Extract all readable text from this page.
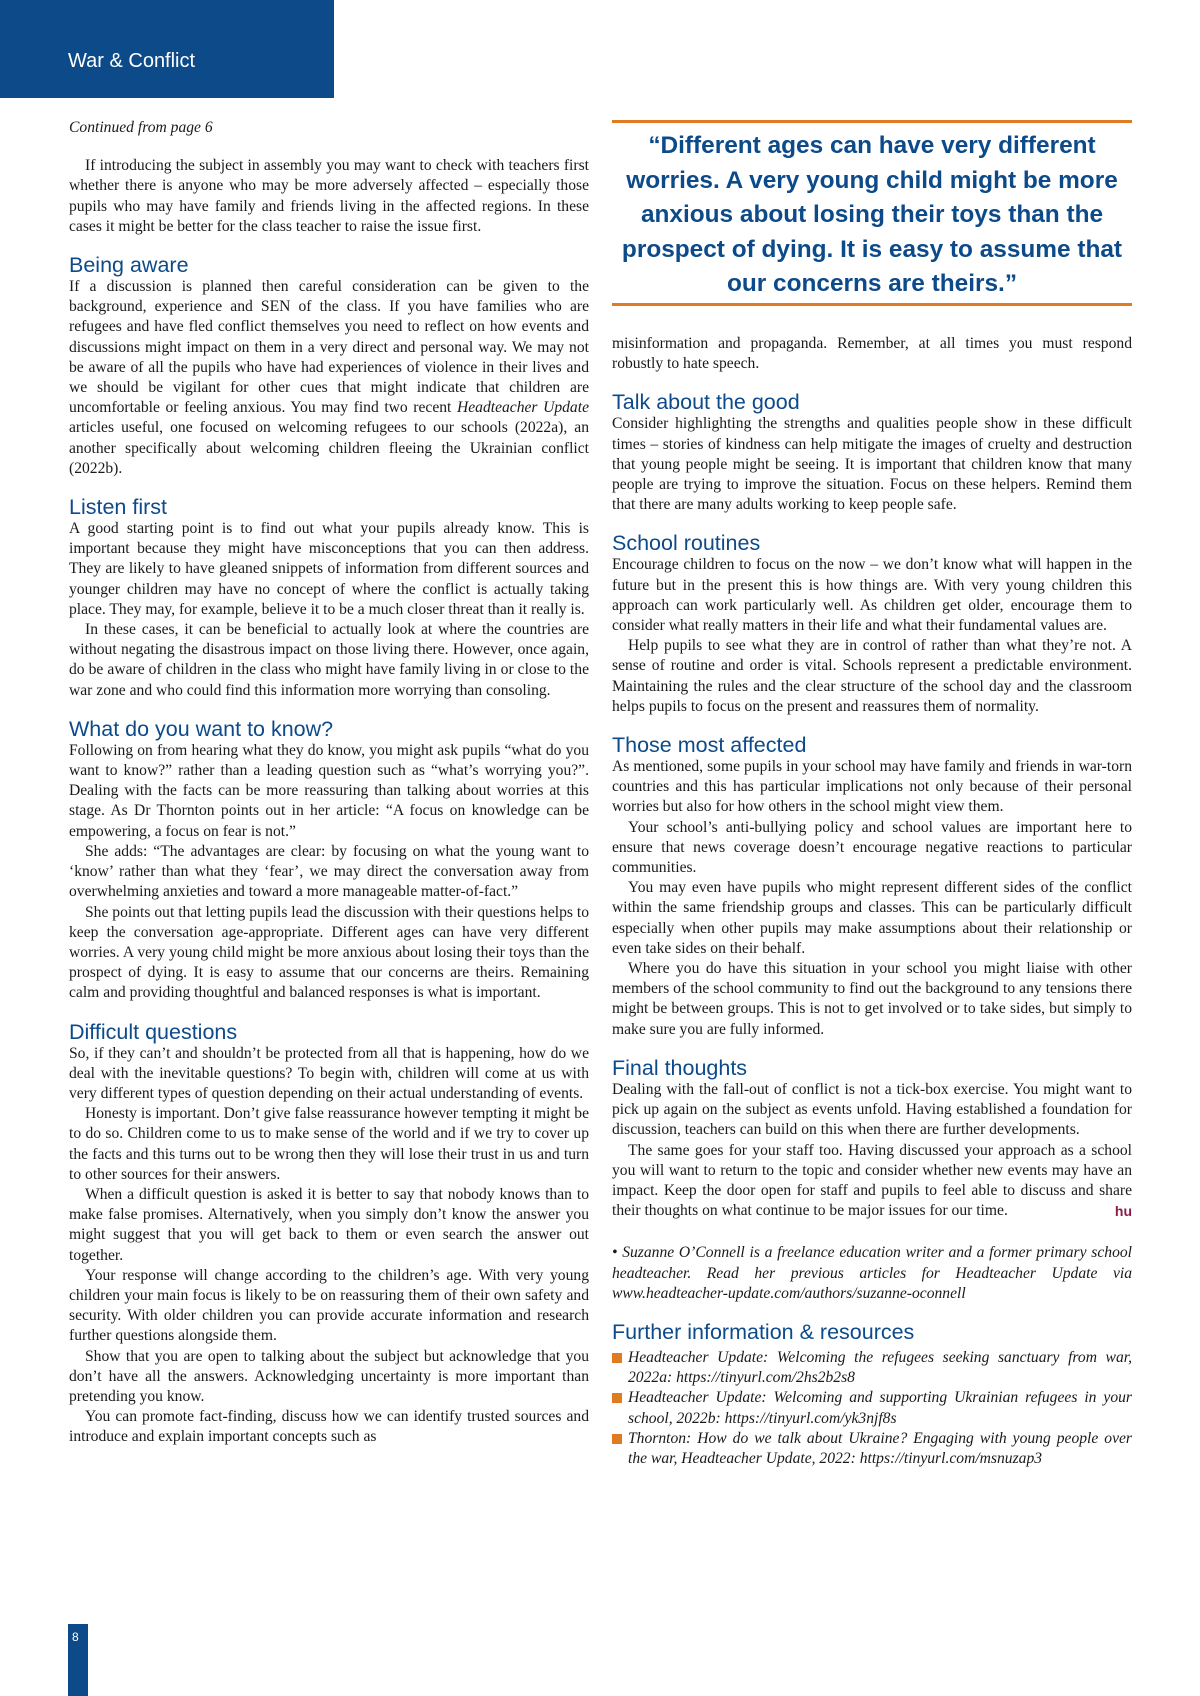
War & Conflict

Continued from page 6

If introducing the subject in assembly you may want to check with teachers first whether there is anyone who may be more adversely affected – especially those pupils who may have family and friends living in the affected regions. In these cases it might be better for the class teacher to raise the issue first.

Being aware

If a discussion is planned then careful consideration can be given to the background, experience and SEN of the class. If you have families who are refugees and have fled conflict themselves you need to reflect on how events and discussions might impact on them in a very direct and personal way. We may not be aware of all the pupils who have had experiences of violence in their lives and we should be vigilant for other cues that might indicate that children are uncomfortable or feeling anxious. You may find two recent Headteacher Update articles useful, one focused on welcoming refugees to our schools (2022a), an another specifically about welcoming children fleeing the Ukrainian conflict (2022b).

Listen first

A good starting point is to find out what your pupils already know. This is important because they might have misconceptions that you can then address. They are likely to have gleaned snippets of information from different sources and younger children may have no concept of where the conflict is actually taking place. They may, for example, believe it to be a much closer threat than it really is.

In these cases, it can be beneficial to actually look at where the countries are without negating the disastrous impact on those living there. However, once again, do be aware of children in the class who might have family living in or close to the war zone and who could find this information more worrying than consoling.

What do you want to know?

Following on from hearing what they do know, you might ask pupils “what do you want to know?” rather than a leading question such as “what’s worrying you?”. Dealing with the facts can be more reassuring than talking about worries at this stage. As Dr Thornton points out in her article: “A focus on knowledge can be empowering, a focus on fear is not.”

She adds: “The advantages are clear: by focusing on what the young want to ‘know’ rather than what they ‘fear’, we may direct the conversation away from overwhelming anxieties and toward a more manageable matter-of-fact.”

She points out that letting pupils lead the discussion with their questions helps to keep the conversation age-appropriate. Different ages can have very different worries. A very young child might be more anxious about losing their toys than the prospect of dying. It is easy to assume that our concerns are theirs. Remaining calm and providing thoughtful and balanced responses is what is important.

Difficult questions

So, if they can’t and shouldn’t be protected from all that is happening, how do we deal with the inevitable questions? To begin with, children will come at us with very different types of question depending on their actual understanding of events.

Honesty is important. Don’t give false reassurance however tempting it might be to do so. Children come to us to make sense of the world and if we try to cover up the facts and this turns out to be wrong then they will lose their trust in us and turn to other sources for their answers.

When a difficult question is asked it is better to say that nobody knows than to make false promises. Alternatively, when you simply don’t know the answer you might suggest that you will get back to them or even search the answer out together.

Your response will change according to the children’s age. With very young children your main focus is likely to be on reassuring them of their own safety and security. With older children you can provide accurate information and research further questions alongside them.

Show that you are open to talking about the subject but acknowledge that you don’t have all the answers. Acknowledging uncertainty is more important than pretending you know.

You can promote fact-finding, discuss how we can identify trusted sources and introduce and explain important concepts such as

“Different ages can have very different worries. A very young child might be more anxious about losing their toys than the prospect of dying. It is easy to assume that our concerns are theirs.”

misinformation and propaganda. Remember, at all times you must respond robustly to hate speech.

Talk about the good

Consider highlighting the strengths and qualities people show in these difficult times – stories of kindness can help mitigate the images of cruelty and destruction that young people might be seeing. It is important that children know that many people are trying to improve the situation. Focus on these helpers. Remind them that there are many adults working to keep people safe.

School routines

Encourage children to focus on the now – we don’t know what will happen in the future but in the present this is how things are. With very young children this approach can work particularly well. As children get older, encourage them to consider what really matters in their life and what their fundamental values are.

Help pupils to see what they are in control of rather than what they’re not. A sense of routine and order is vital. Schools represent a predictable environment. Maintaining the rules and the clear structure of the school day and the classroom helps pupils to focus on the present and reassures them of normality.

Those most affected

As mentioned, some pupils in your school may have family and friends in war-torn countries and this has particular implications not only because of their personal worries but also for how others in the school might view them.

Your school’s anti-bullying policy and school values are important here to ensure that news coverage doesn’t encourage negative reactions to particular communities.

You may even have pupils who might represent different sides of the conflict within the same friendship groups and classes. This can be particularly difficult especially when other pupils may make assumptions about their relationship or even take sides on their behalf.

Where you do have this situation in your school you might liaise with other members of the school community to find out the background to any tensions there might be between groups. This is not to get involved or to take sides, but simply to make sure you are fully informed.

Final thoughts

Dealing with the fall-out of conflict is not a tick-box exercise. You might want to pick up again on the subject as events unfold. Having established a foundation for discussion, teachers can build on this when there are further developments.

The same goes for your staff too. Having discussed your approach as a school you will want to return to the topic and consider whether new events may have an impact. Keep the door open for staff and pupils to feel able to discuss and share their thoughts on what continue to be major issues for our time.	hu

• Suzanne O’Connell is a freelance education writer and a former primary school headteacher. Read her previous articles for Headteacher Update via www.headteacher-update.com/authors/suzanne-oconnell

Further information & resources
Headteacher Update: Welcoming the refugees seeking sanctuary from war, 2022a: https://tinyurl.com/2hs2b2s8
Headteacher Update: Welcoming and supporting Ukrainian refugees in your school, 2022b: https://tinyurl.com/yk3njf8s
Thornton: How do we talk about Ukraine? Engaging with young people over the war, Headteacher Update, 2022: https://tinyurl.com/msnuzap3
8
